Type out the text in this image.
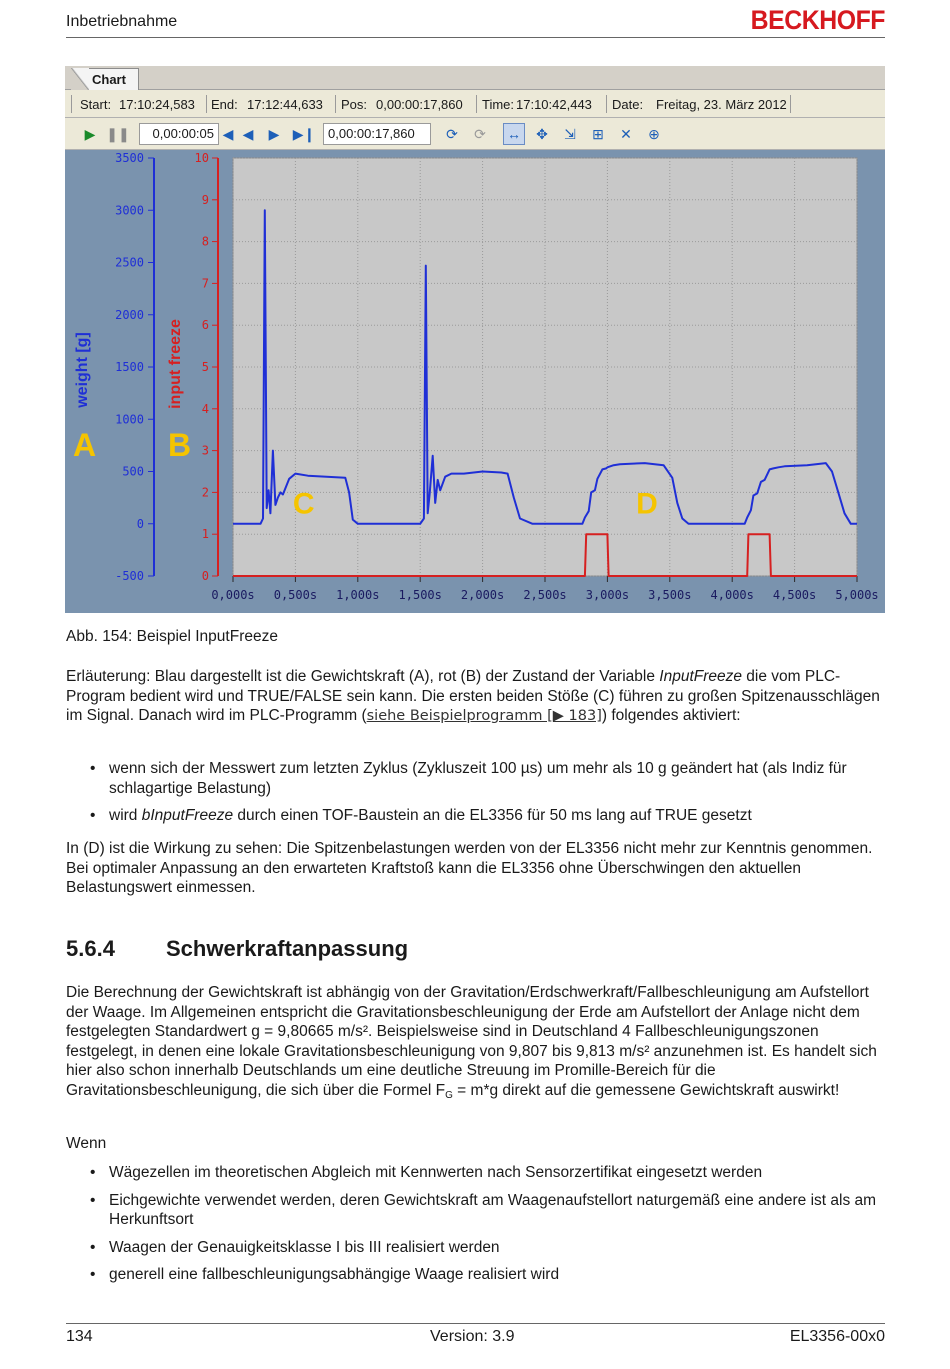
Inbetriebnahme	BECKHOFF
Chart
Start: 17:10:24,583 End: 17:12:44,633 Pos: 0,00:00:17,860 Time: 17:10:42,443 Date: Freitag, 23. März 2012
▶ ❚❚	0,00:00:05 ◀ ◀	▶ ▶❙ 0,00:00:17,860	⟳	⟳	↔	✥	⇲	⊞	✕	⊕
0,000s 0,500s 1,000s 1,500s 2,000s 2,500s 3,000s 3,500s 4,000s 4,500s 5,000s
3500
3000
2500
2000
1500
1000
500
0
-500
weight [g]
A
10
9
8
7
6
5
4
3
2
1
0
input freeze
B
C	D
Abb. 154: Beispiel InputFreeze
Erläuterung: Blau dargestellt ist die Gewichtskraft (A), rot (B) der Zustand der Variable InputFreeze die vom PLC-Program bedient wird und TRUE/FALSE sein kann. Die ersten beiden Stöße (C) führen zu großen Spitzenausschlägen im Signal. Danach wird im PLC-Programm (siehe Beispielprogramm [▶ 183]) folgendes aktiviert:
• wenn sich der Messwert zum letzten Zyklus (Zykluszeit 100 µs) um mehr als 10 g geändert hat (als Indiz für schlagartige Belastung)
• wird bInputFreeze durch einen TOF-Baustein an die EL3356 für 50 ms lang auf TRUE gesetzt
In (D) ist die Wirkung zu sehen: Die Spitzenbelastungen werden von der EL3356 nicht mehr zur Kenntnis genommen. Bei optimaler Anpassung an den erwarteten Kraftstoß kann die EL3356 ohne Überschwingen den aktuellen Belastungswert einmessen.
5.6.4 Schwerkraftanpassung
Die Berechnung der Gewichtskraft ist abhängig von der Gravitation/Erdschwerkraft/Fallbeschleunigung am Aufstellort der Waage. Im Allgemeinen entspricht die Gravitationsbeschleunigung der Erde am Aufstellort der Anlage nicht dem festgelegten Standardwert g = 9,80665 m/s². Beispielsweise sind in Deutschland 4 Fallbeschleunigungszonen festgelegt, in denen eine lokale Gravitationsbeschleunigung von 9,807 bis 9,813 m/s² anzunehmen ist. Es handelt sich hier also schon innerhalb Deutschlands um eine deutliche Streuung im Promille-Bereich für die Gravitationsbeschleunigung, die sich über die Formel $F_G = m*g$ direkt auf die gemessene Gewichtskraft auswirkt!
Wenn
• Wägezellen im theoretischen Abgleich mit Kennwerten nach Sensorzertifikat eingesetzt werden
• Eichgewichte verwendet werden, deren Gewichtskraft am Waagenaufstellort naturgemäß eine andere ist als am Herkunftsort
• Waagen der Genauigkeitsklasse I bis III realisiert werden
• generell eine fallbeschleunigungsabhängige Waage realisiert wird
134	Version: 3.9	EL3356-00x0
